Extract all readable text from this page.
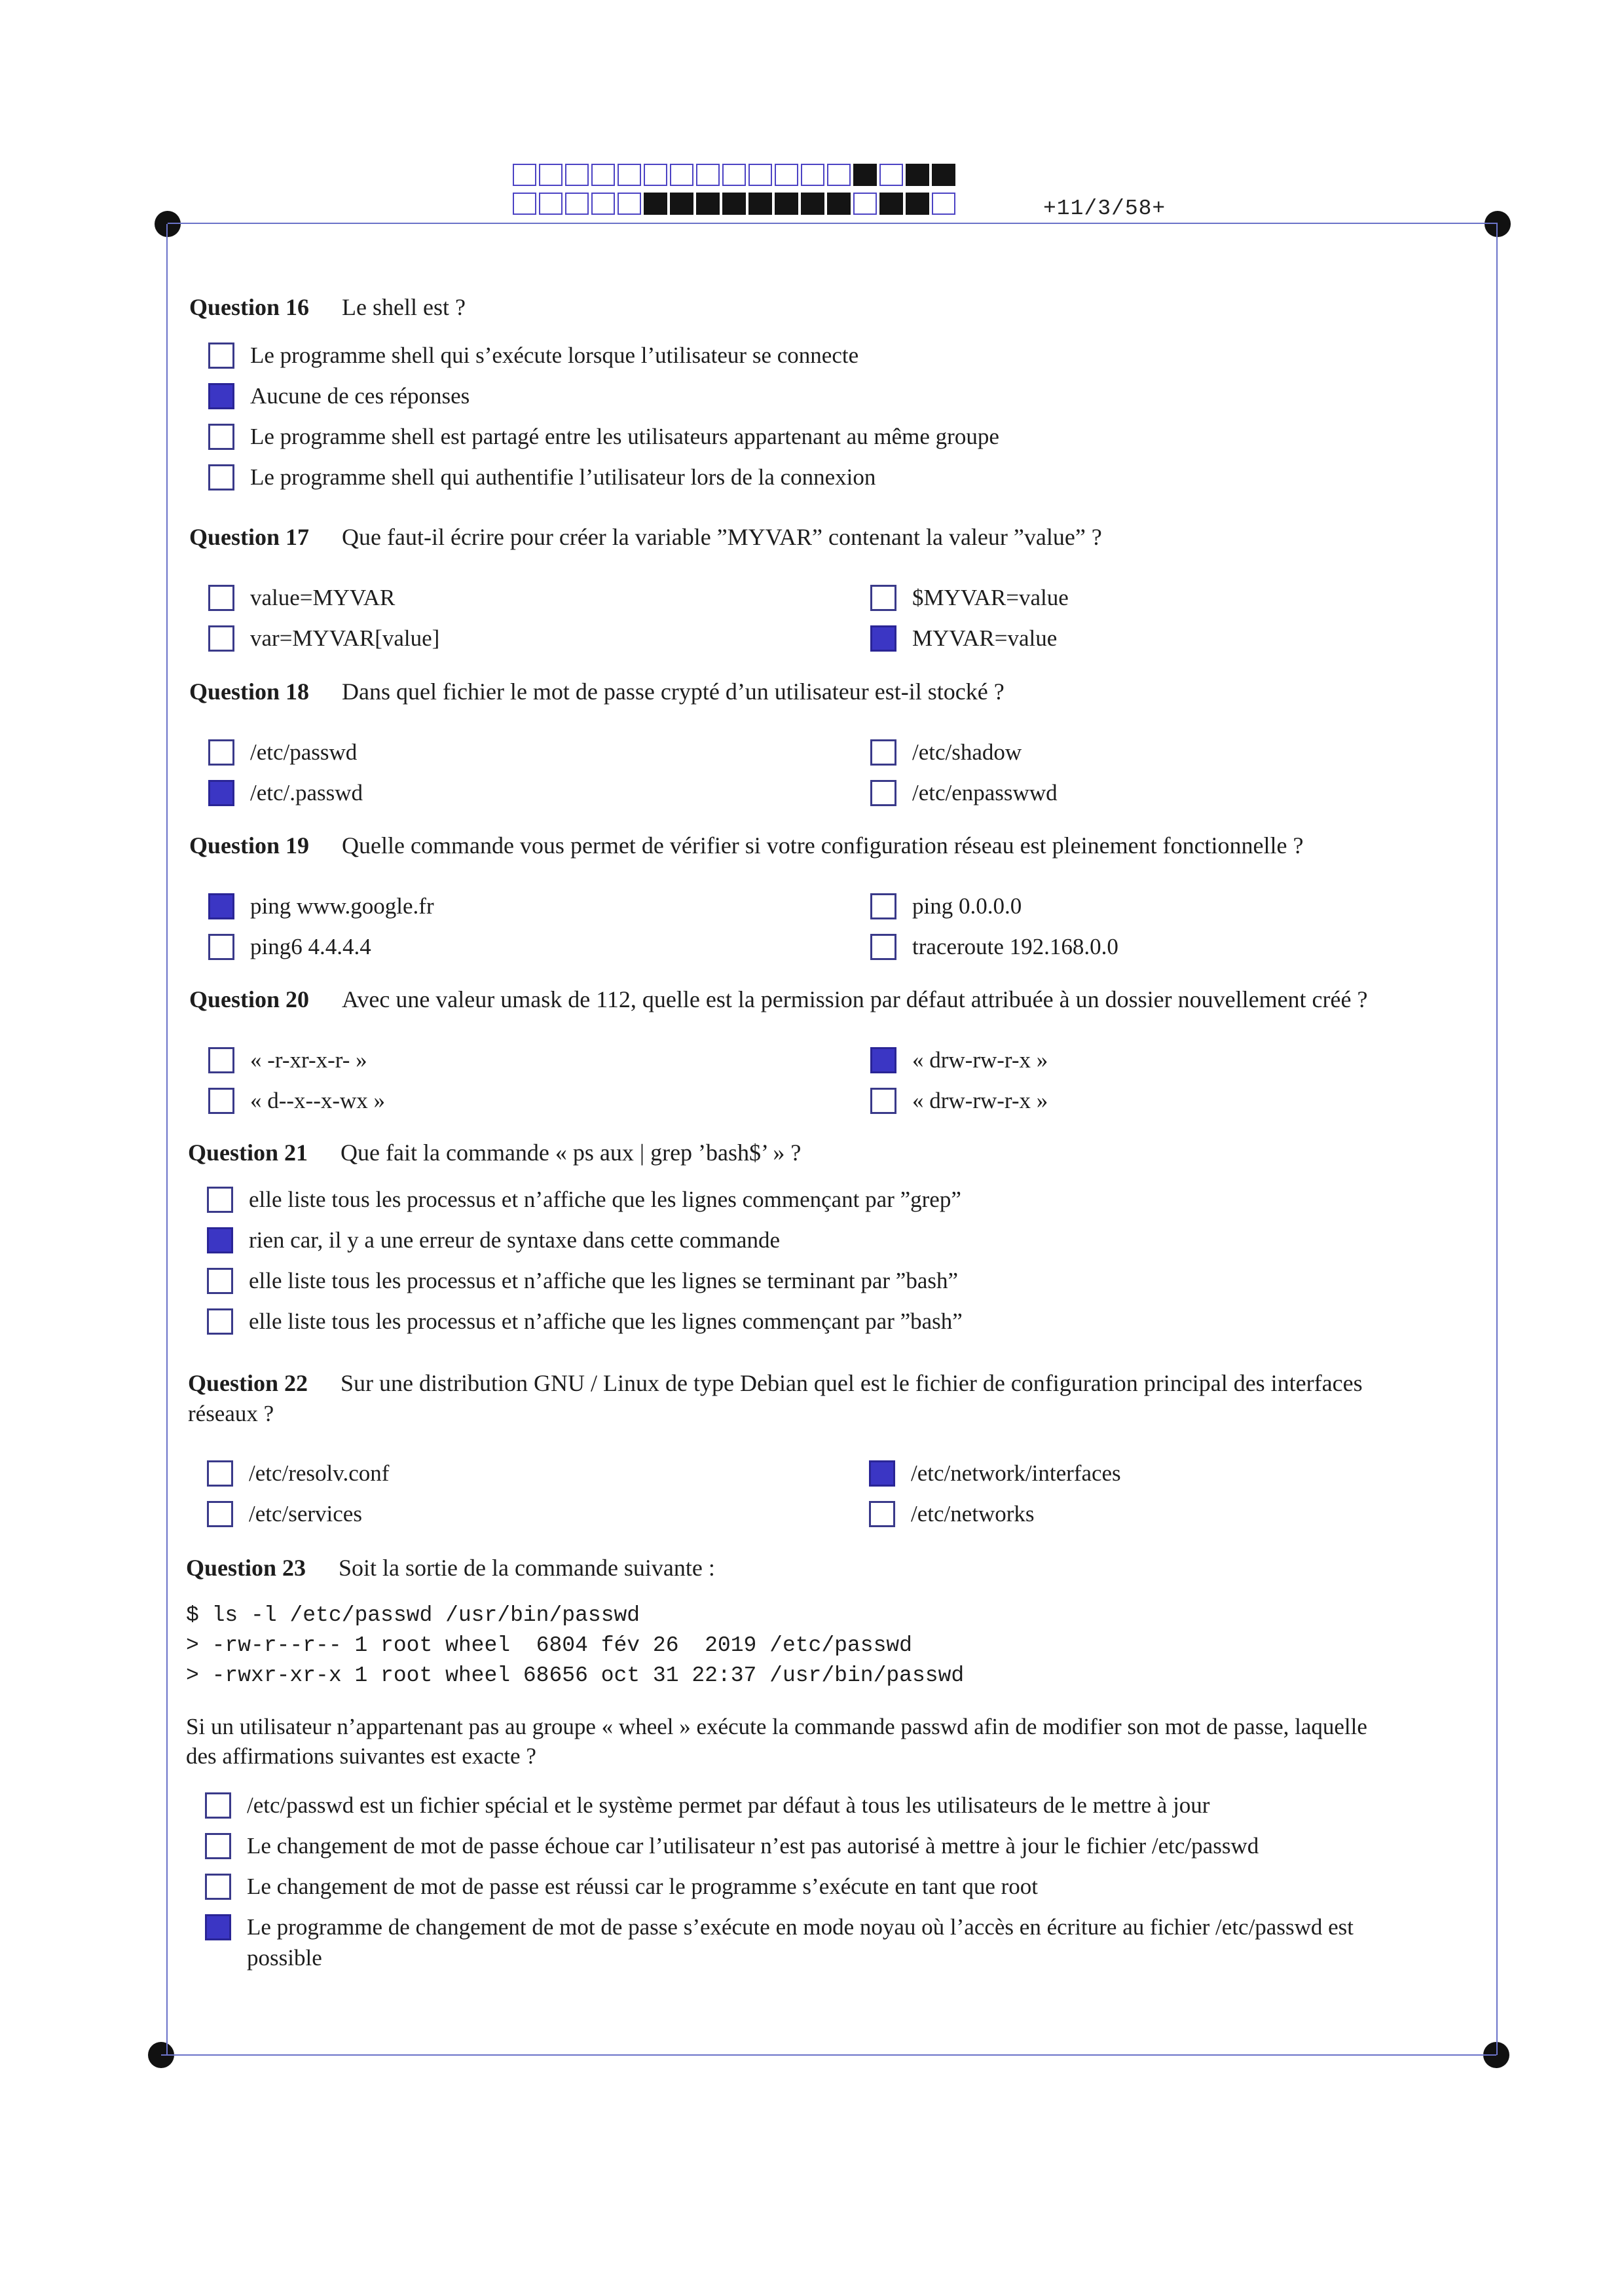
+11/3/58+
Question 16 Le shell est ?
Le programme shell qui s’exécute lorsque l’utilisateur se connecte
Aucune de ces réponses
Le programme shell est partagé entre les utilisateurs appartenant au même groupe
Le programme shell qui authentifie l’utilisateur lors de la connexion
Question 17 Que faut-il écrire pour créer la variable ”MYVAR” contenant la valeur ”value” ?
value=MYVAR	$MYVAR=value
var=MYVAR[value]	MYVAR=value
Question 18 Dans quel fichier le mot de passe crypté d’un utilisateur est-il stocké ?
/etc/passwd	/etc/shadow
/etc/.passwd	/etc/enpasswwd
Question 19 Quelle commande vous permet de vérifier si votre configuration réseau est pleinement fonctionnelle ?
ping www.google.fr	ping 0.0.0.0
ping6 4.4.4.4	traceroute 192.168.0.0
Question 20 Avec une valeur umask de 112, quelle est la permission par défaut attribuée à un dossier nouvellement créé ?
« -r-xr-x-r- »	« drw-rw-r-x »
« d--x--x-wx »	« drw-rw-r-x »
Question 21 Que fait la commande « ps aux | grep ’bash$’ » ?
elle liste tous les processus et n’affiche que les lignes commençant par ”grep”
rien car, il y a une erreur de syntaxe dans cette commande
elle liste tous les processus et n’affiche que les lignes se terminant par ”bash”
elle liste tous les processus et n’affiche que les lignes commençant par ”bash”
Question 22 Sur une distribution GNU / Linux de type Debian quel est le fichier de configuration principal des interfaces
réseaux ?
/etc/resolv.conf	/etc/network/interfaces
/etc/services	/etc/networks
Question 23 Soit la sortie de la commande suivante :
$ ls -l /etc/passwd /usr/bin/passwd
> -rw-r--r-- 1 root wheel  6804 fév 26  2019 /etc/passwd
> -rwxr-xr-x 1 root wheel 68656 oct 31 22:37 /usr/bin/passwd
Si un utilisateur n’appartenant pas au groupe « wheel » exécute la commande passwd afin de modifier son mot de passe, laquelle
des affirmations suivantes est exacte ?
/etc/passwd est un fichier spécial et le système permet par défaut à tous les utilisateurs de le mettre à jour
Le changement de mot de passe échoue car l’utilisateur n’est pas autorisé à mettre à jour le fichier /etc/passwd
Le changement de mot de passe est réussi car le programme s’exécute en tant que root
Le programme de changement de mot de passe s’exécute en mode noyau où l’accès en écriture au fichier /etc/passwd est
possible
